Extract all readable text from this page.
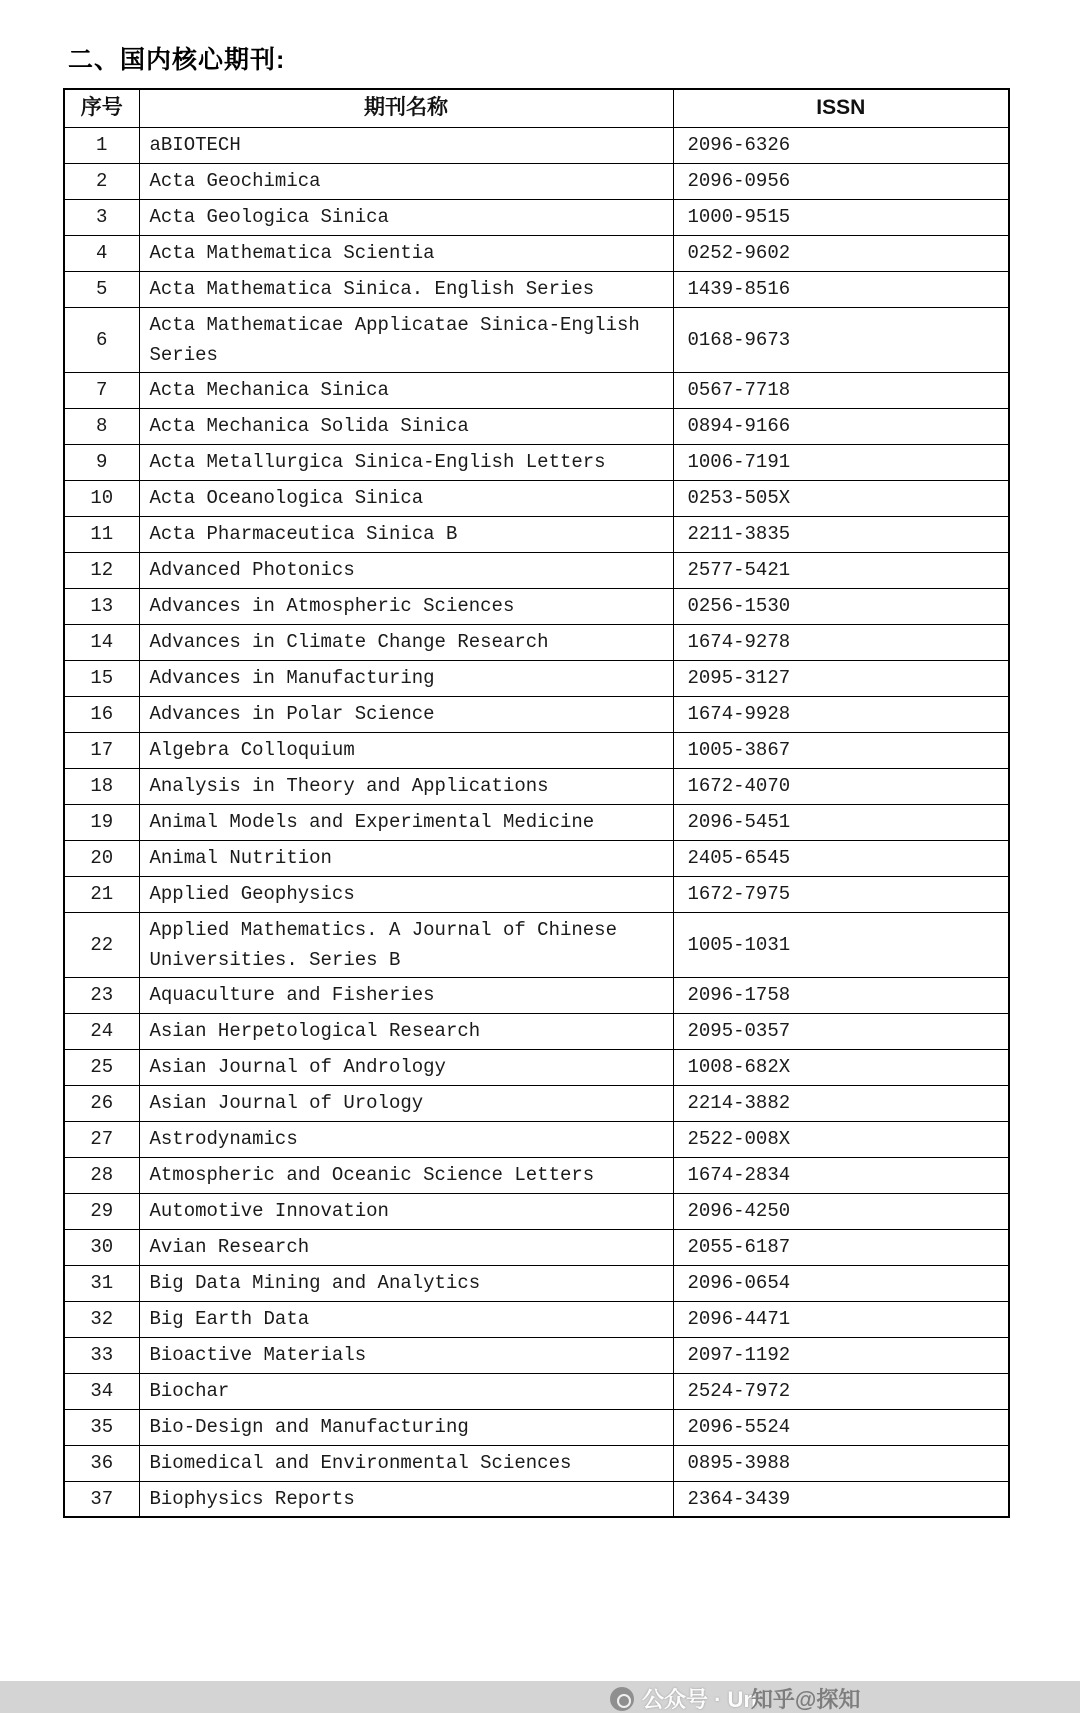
二、国内核心期刊:
序号	期刊名称	ISSN
1	aBIOTECH	2096-6326
2	Acta Geochimica	2096-0956
3	Acta Geologica Sinica	1000-9515
4	Acta Mathematica Scientia	0252-9602
5	Acta Mathematica Sinica. English Series	1439-8516
6	Acta Mathematicae Applicatae Sinica-English Series	0168-9673
7	Acta Mechanica Sinica	0567-7718
8	Acta Mechanica Solida Sinica	0894-9166
9	Acta Metallurgica Sinica-English Letters	1006-7191
10	Acta Oceanologica Sinica	0253-505X
11	Acta Pharmaceutica Sinica B	2211-3835
12	Advanced Photonics	2577-5421
13	Advances in Atmospheric Sciences	0256-1530
14	Advances in Climate Change Research	1674-9278
15	Advances in Manufacturing	2095-3127
16	Advances in Polar Science	1674-9928
17	Algebra Colloquium	1005-3867
18	Analysis in Theory and Applications	1672-4070
19	Animal Models and Experimental Medicine	2096-5451
20	Animal Nutrition	2405-6545
21	Applied Geophysics	1672-7975
22	Applied Mathematics. A Journal of Chinese Universities. Series B	1005-1031
23	Aquaculture and Fisheries	2096-1758
24	Asian Herpetological Research	2095-0357
25	Asian Journal of Andrology	1008-682X
26	Asian Journal of Urology	2214-3882
27	Astrodynamics	2522-008X
28	Atmospheric and Oceanic Science Letters	1674-2834
29	Automotive Innovation	2096-4250
30	Avian Research	2055-6187
31	Big Data Mining and Analytics	2096-0654
32	Big Earth Data	2096-4471
33	Bioactive Materials	2097-1192
34	Biochar	2524-7972
35	Bio-Design and Manufacturing	2096-5524
36	Biomedical and Environmental Sciences	0895-3988
37	Biophysics Reports	2364-3439
公众号 · Un
知乎@探知
